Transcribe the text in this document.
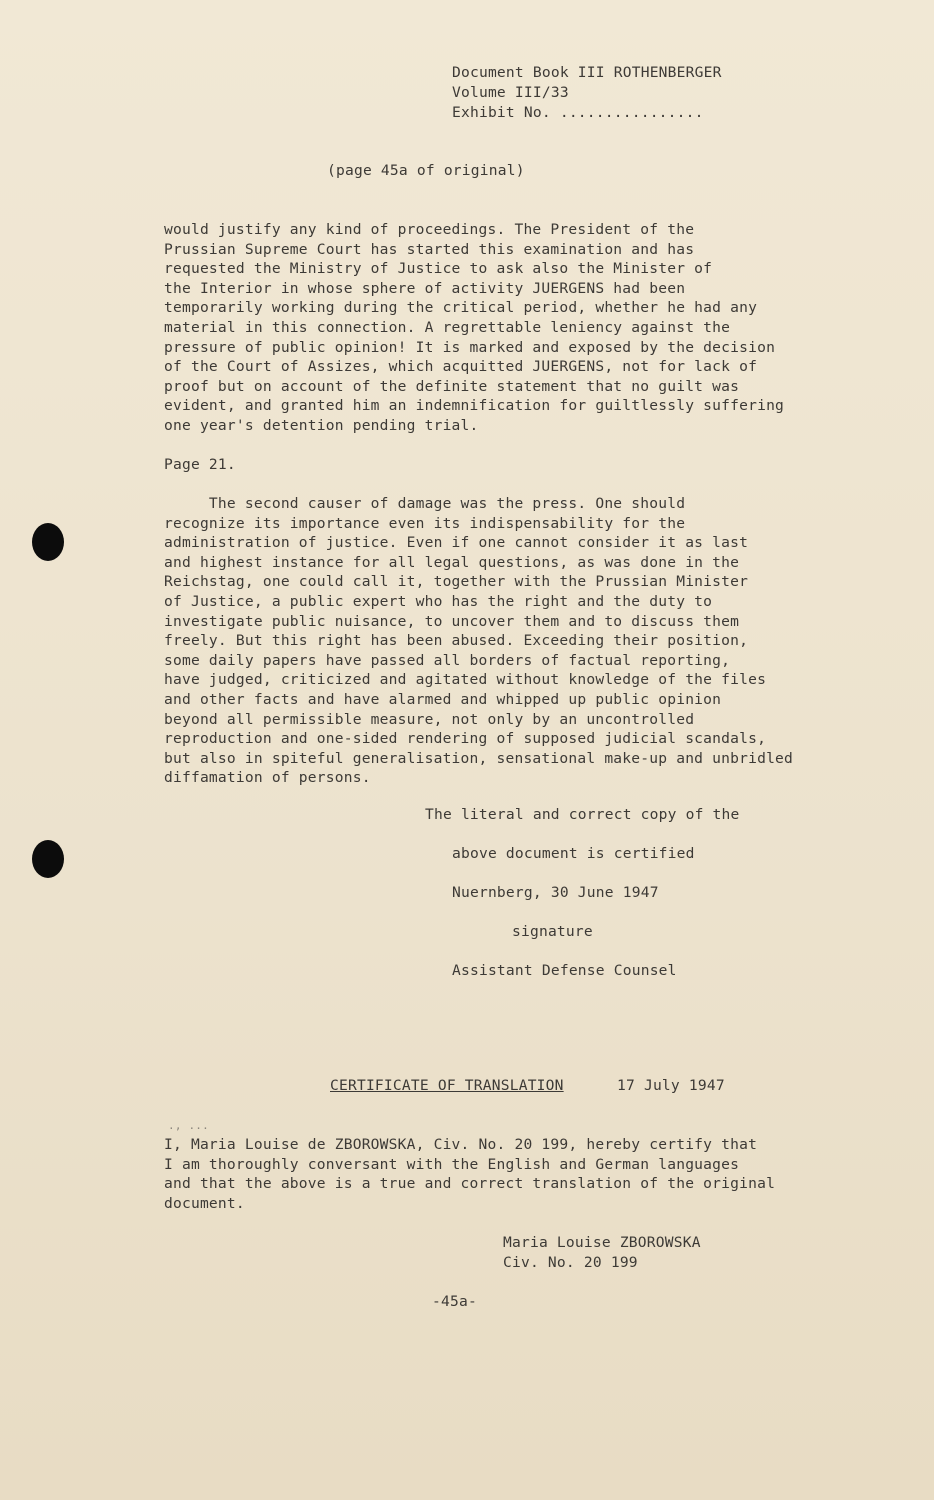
Document Book III ROTHENBERGER
Volume III/33
Exhibit No. ................
(page 45a of original)
would justify any kind of proceedings. The President of the
Prussian Supreme Court has started this examination and has
requested the Ministry of Justice to ask also the Minister of
the Interior in whose sphere of activity JUERGENS had been
temporarily working during the critical period, whether he had any
material in this connection. A regrettable leniency against the
pressure of public opinion! It is marked and exposed by the decision
of the Court of Assizes, which acquitted JUERGENS, not for lack of
proof but on account of the definite statement that no guilt was
evident, and granted him an indemnification for guiltlessly suffering
one year's detention pending trial.
Page 21.
The second causer of damage was the press. One should
recognize its importance even its indispensability for the
administration of justice. Even if one cannot consider it as last
and highest instance for all legal questions, as was done in the
Reichstag, one could call it, together with the Prussian Minister
of Justice, a public expert who has the right and the duty to
investigate public nuisance, to uncover them and to discuss them
freely. But this right has been abused. Exceeding their position,
some daily papers have passed all borders of factual reporting,
have judged, criticized and agitated without knowledge of the files
and other facts and have alarmed and whipped up public opinion
beyond all permissible measure, not only by an uncontrolled
reproduction and one-sided rendering of supposed judicial scandals,
but also in spiteful generalisation, sensational make-up and unbridled
diffamation of persons.
The literal and correct copy of the
above document is certified
Nuernberg, 30 June 1947
signature
Assistant Defense Counsel
CERTIFICATE OF TRANSLATION	17 July 1947
., ...
I, Maria Louise de ZBOROWSKA, Civ. No. 20 199, hereby certify that
I am thoroughly conversant with the English and German languages
and that the above is a true and correct translation of the original
document.
Maria Louise ZBOROWSKA
Civ. No. 20 199
-45a-
